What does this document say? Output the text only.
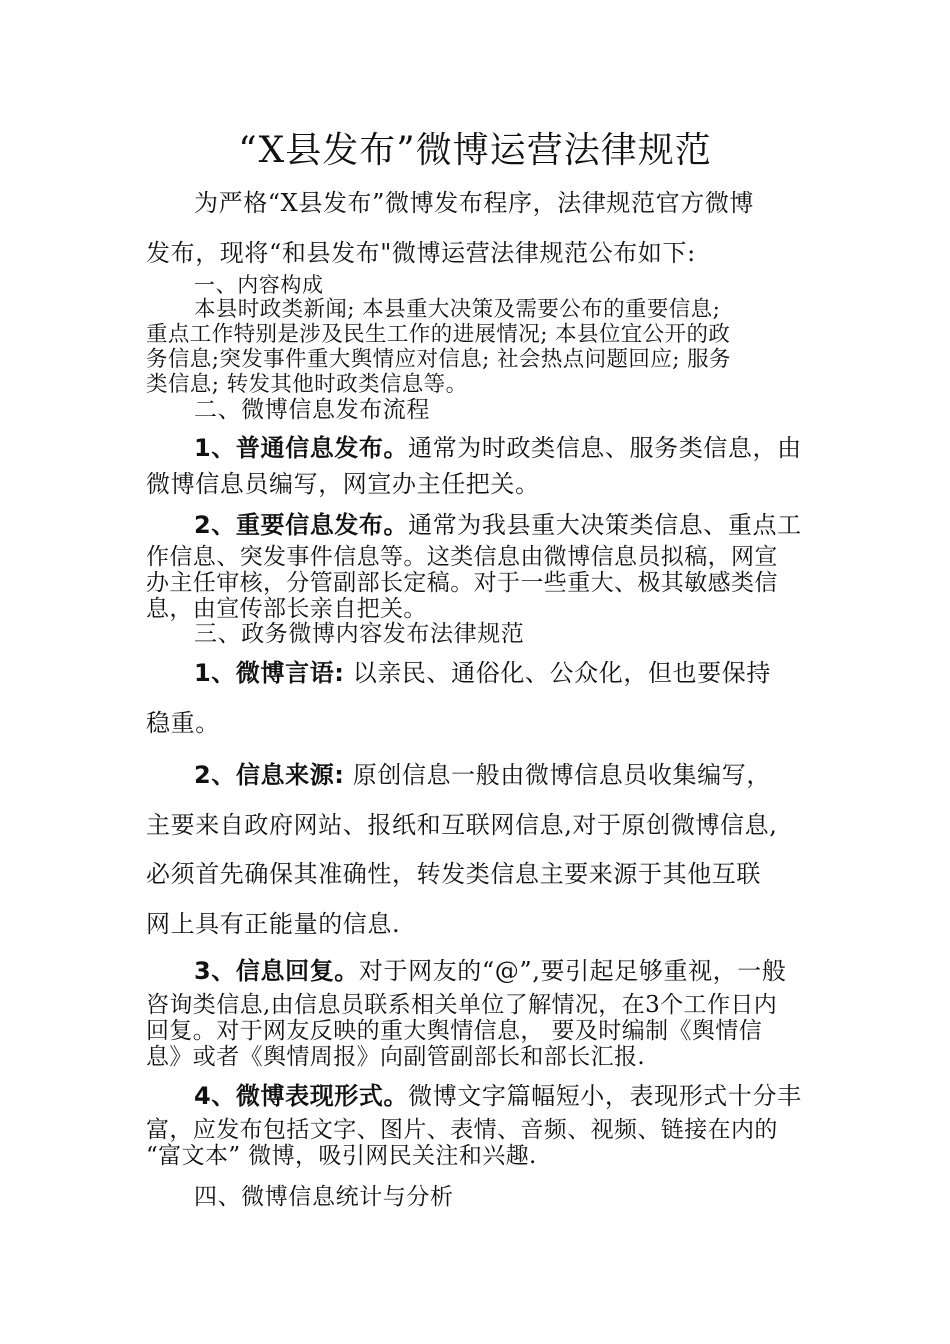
“X县发布”微博运营法律规范
为严格“X县发布”微博发布程序，法律规范官方微博
发布，现将“和县发布"微博运营法律规范公布如下:
一、内容构成
本县时政类新闻; 本县重大决策及需要公布的重要信息;
重点工作特别是涉及民生工作的进展情况; 本县位宜公开的政
务信息;突发事件重大舆情应对信息; 社会热点问题回应; 服务
类信息; 转发其他时政类信息等。
二、微博信息发布流程
1、普通信息发布。通常为时政类信息、服务类信息，由
微博信息员编写，网宣办主任把关。
2、重要信息发布。通常为我县重大决策类信息、重点工
作信息、突发事件信息等。这类信息由微博信息员拟稿，网宣
办主任审核，分管副部长定稿。对于一些重大、极其敏感类信
息，由宣传部长亲自把关。
三、政务微博内容发布法律规范
1、微博言语: 以亲民、通俗化、公众化，但也要保持
稳重。
2、信息来源: 原创信息一般由微博信息员收集编写，
主要来自政府网站、报纸和互联网信息,对于原创微博信息,
必须首先确保其准确性，转发类信息主要来源于其他互联
网上具有正能量的信息.
3、信息回复。对于网友的“@”,要引起足够重视，一般
咨询类信息,由信息员联系相关单位了解情况，在3个工作日内
回复。对于网友反映的重大舆情信息， 要及时编制《舆情信
息》或者《舆情周报》向副管副部长和部长汇报.
4、微博表现形式。微博文字篇幅短小，表现形式十分丰
富，应发布包括文字、图片、表情、音频、视频、链接在内的
“富文本” 微博，吸引网民关注和兴趣.
四、微博信息统计与分析
